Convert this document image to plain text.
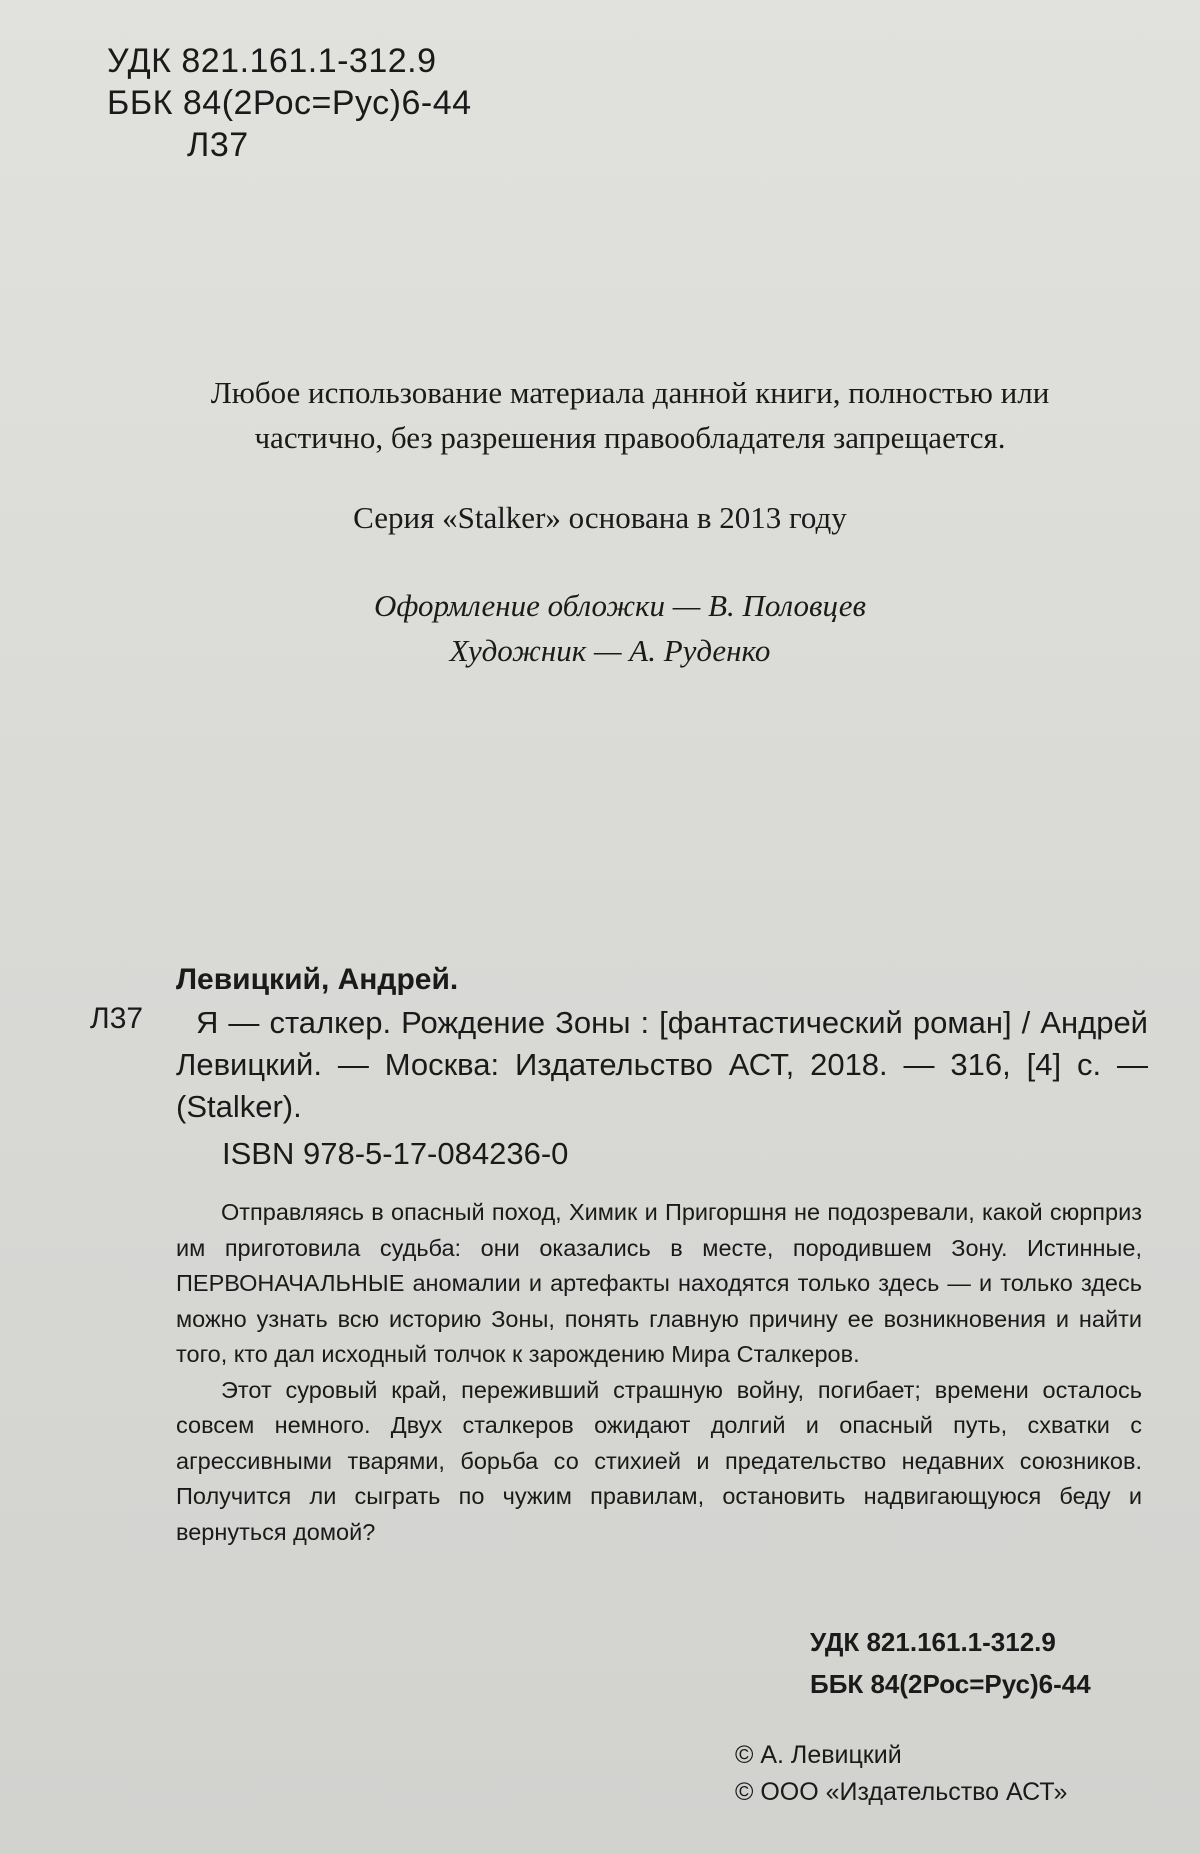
УДК 821.161.1-312.9
ББК 84(2Рос=Рус)6-44
Л37
Любое использование материала данной книги, полностью или
частично, без разрешения правообладателя запрещается.
Серия «Stalker» основана в 2013 году
Оформление обложки — В. Половцев
Художник — А. Руденко
Левицкий, Андрей.
Л37	Я — сталкер. Рождение Зоны : [фантастический роман] / Андрей Левицкий. — Москва: Издательство АСТ, 2018. — 316, [4] с. — (Stalker).
ISBN 978-5-17-084236-0

Отправляясь в опасный поход, Химик и Пригоршня не подозревали, какой сюрприз им приготовила судьба: они оказались в месте, породившем Зону. Истинные, ПЕРВОНАЧАЛЬНЫЕ аномалии и артефакты находятся только здесь — и только здесь можно узнать всю историю Зоны, понять главную причину ее возникновения и найти того, кто дал исходный толчок к зарождению Мира Сталкеров.

Этот суровый край, переживший страшную войну, погибает; времени осталось совсем немного. Двух сталкеров ожидают долгий и опасный путь, схватки с агрессивными тварями, борьба со стихией и предательство недавних союзников. Получится ли сыграть по чужим правилам, остановить надвигающуюся беду и вернуться домой?

УДК 821.161.1-312.9
ББК 84(2Рос=Рус)6-44
© А. Левицкий
© ООО «Издательство АСТ»
